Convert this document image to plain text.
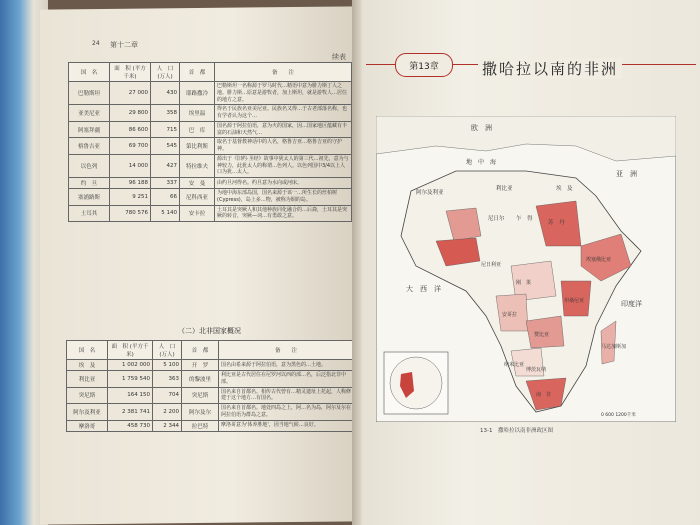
24 第十二章
续表
国　名	面　积 (平方千米)	人　口 (万人)	首　都	备　　注
巴勒斯坦	27 000	430	耶路撒冷	巴勒斯坦一名称源于罗马时代…精语中意为腓力斯丁人之地。腓力斯…原意是游牧者，加上斯坦，就是游牧人…居住的地方之意。
亚美尼亚	29 800	358	埃里温	得名于民族名亚美尼亚。民族名又得…于古老部落名称，也有学者认为这个…
阿塞拜疆	86 600	715	巴　库	国名源于阿拉伯语，意为火的国家，因…国家地区蕴藏有丰富的石油和天然气…
格鲁吉亚	69 700	545	第比利斯	取名于基督教神话中的人名，格鲁吉亚…格鲁吉亚的守护神。
以色列	14 000	427	特拉维夫	源出于《旧约·圣经》故事中犹太人的第三代…祖先，意为与神较力，此犹太人的称谓…色列人。以色列国中3/4以上人口为犹…太人。
约　旦	96 188	337	安　曼	由约旦河得名。约旦意为水向或河床。
塞浦路斯	9 251	66	尼科西亚	为地中海东部岛国，国名来源于该一…所生长的丝柏树(Cypress)，岛上多…物，被称为铜的岛。
土耳其	780 576	5 140	安卡拉	土耳其是突厥人和其他种族同化融合的…后裔，土耳其是突厥的转音，突厥—词…有勇敢之意。
（二）北非国家概况
国　名	面　积 (平方千米)	人　口 (万人)	首　都	备　　注
埃　及	1 002 000	5 100	开　罗	国名由希来源于阿拉伯语，意为黑色的…土地。
利比亚	1 759 540	363	的黎波里	利比亚是古代居住在尼罗河以西的部…名，后泛指北非中部。
突尼斯	164 150	704	突尼斯	国名来自首都名。相传古代曾有…精灵遗址上托起，人称修建于这个地方…有国名。
阿尔及利亚	2 381 741	2 200	阿尔及尔	国名来自首都名。地处四岛之上，阿…名为岛，阿尔及尔在阿拉伯语为群岛之意。
摩洛哥	458 730	2 344	拉巴特	摩洛哥意为'体养胜地'，因当地气候…良好。
第13章	撒哈拉以南的非洲
欧　洲
亚　洲
地　中　海
阿尔及利亚
利比亚	埃　及
尼日尔 乍　得
苏　丹
尼日利亚
埃塞俄比亚
刚　果
坦桑尼亚
安哥拉
赞比亚
纳米比亚
博茨瓦纳
马达加斯加
南　非
印度洋
大　西　洋
0 600 1200千米
13-1　撒哈拉以南非洲政区图
